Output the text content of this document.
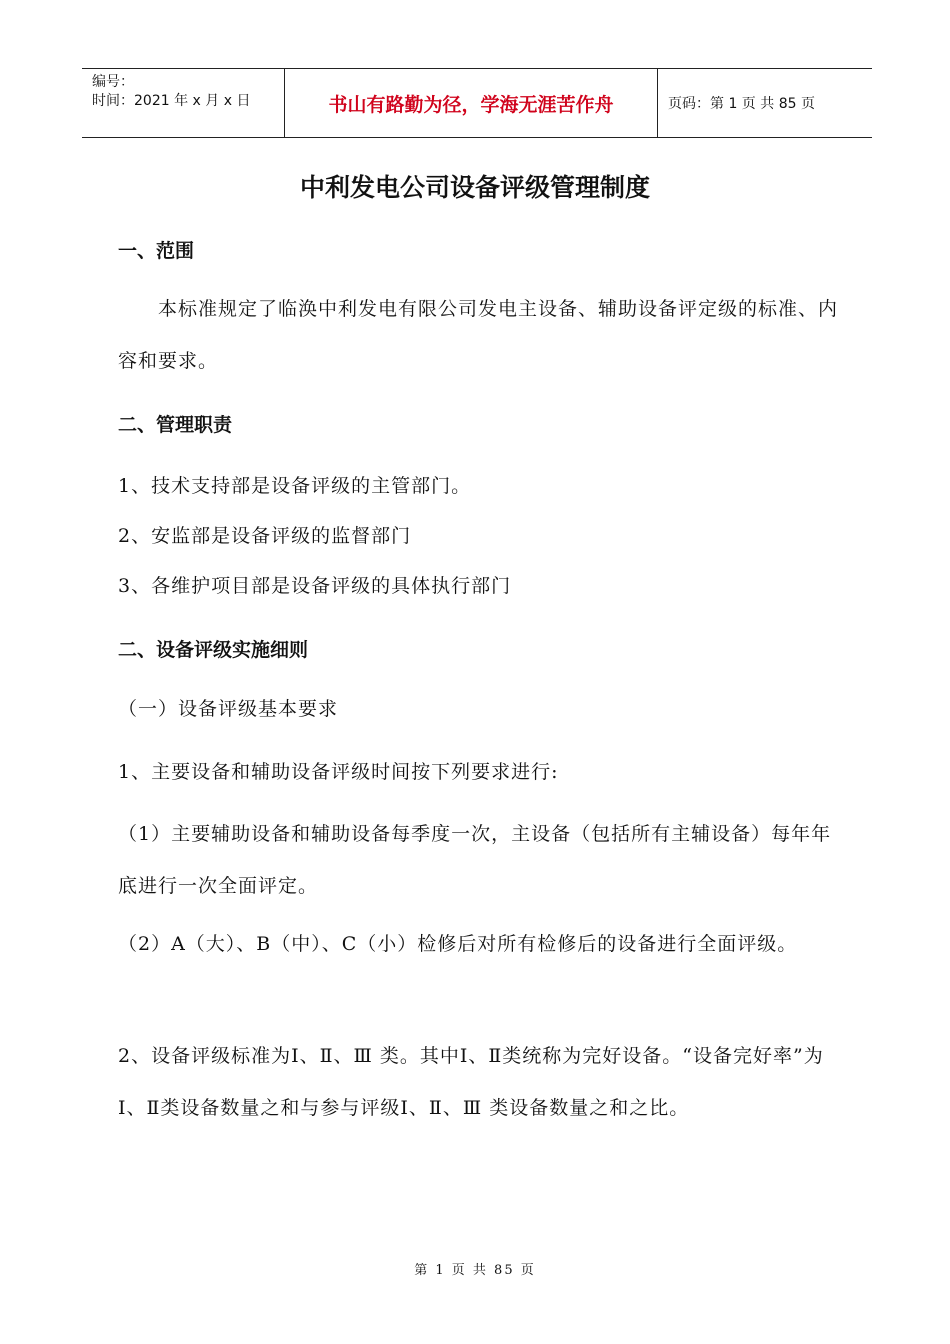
编号：
时间：2021 年 x 月 x 日	书山有路勤为径，学海无涯苦作舟	页码：第 1 页 共 85 页
中利发电公司设备评级管理制度
一、范围
本标准规定了临涣中利发电有限公司发电主设备、辅助设备评定级的标准、内容和要求。
二、管理职责
1、技术支持部是设备评级的主管部门。
2、安监部是设备评级的监督部门
3、各维护项目部是设备评级的具体执行部门
二、设备评级实施细则
（一）设备评级基本要求
1、主要设备和辅助设备评级时间按下列要求进行:
（1）主要辅助设备和辅助设备每季度一次，主设备（包括所有主辅设备）每年年底进行一次全面评定。
（2）A（大）、B（中）、C（小）检修后对所有检修后的设备进行全面评级。
2、设备评级标准为Ⅰ、Ⅱ、Ⅲ 类。其中Ⅰ、Ⅱ类统称为完好设备。“设备完好率”为Ⅰ、Ⅱ类设备数量之和与参与评级Ⅰ、Ⅱ、Ⅲ 类设备数量之和之比。
第 1 页 共 85 页
